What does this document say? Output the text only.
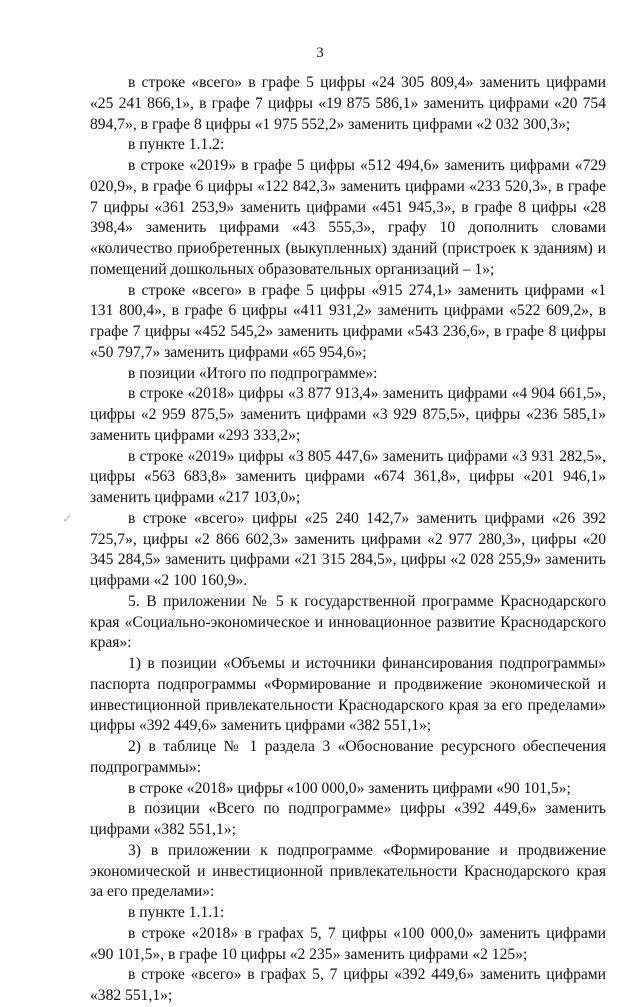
3
✓

в строке «всего» в графе 5 цифры «24 305 809,4» заменить цифрами «25 241 866,1», в графе 7 цифры «19 875 586,1» заменить цифрами «20 754 894,7», в графе 8 цифры «1 975 552,2» заменить цифрами «2 032 300,3»;

в пункте 1.1.2:

в строке «2019» в графе 5 цифры «512 494,6» заменить цифрами «729 020,9», в графе 6 цифры «122 842,3» заменить цифрами «233 520,3», в графе 7 цифры «361 253,9» заменить цифрами «451 945,3», в графе 8 цифры «28 398,4» заменить цифрами «43 555,3», графу 10 дополнить словами «количество приобретенных (выкупленных) зданий (пристроек к зданиям) и помещений дошкольных образовательных организаций – 1»;

в строке «всего» в графе 5 цифры «915 274,1» заменить цифрами «1 131 800,4», в графе 6 цифры «411 931,2» заменить цифрами «522 609,2», в графе 7 цифры «452 545,2» заменить цифрами «543 236,6», в графе 8 цифры «50 797,7» заменить цифрами «65 954,6»;

в позиции «Итого по подпрограмме»:

в строке «2018» цифры «3 877 913,4» заменить цифрами «4 904 661,5», цифры «2 959 875,5» заменить цифрами «3 929 875,5», цифры «236 585,1» заменить цифрами «293 333,2»;

в строке «2019» цифры «3 805 447,6» заменить цифрами «3 931 282,5», цифры «563 683,8» заменить цифрами «674 361,8», цифры «201 946,1» заменить цифрами «217 103,0»;

в строке «всего» цифры «25 240 142,7» заменить цифрами «26 392 725,7», цифры «2 866 602,3» заменить цифрами «2 977 280,3», цифры «20 345 284,5» заменить цифрами «21 315 284,5», цифры «2 028 255,9» заменить цифрами «2 100 160,9».

5. В приложении № 5 к государственной программе Краснодарского края «Социально-экономическое и инновационное развитие Краснодарского края»:

1) в позиции «Объемы и источники финансирования подпрограммы» паспорта подпрограммы «Формирование и продвижение экономической и инвестиционной привлекательности Краснодарского края за его пределами» цифры «392 449,6» заменить цифрами «382 551,1»;

2) в таблице № 1 раздела 3 «Обоснование ресурсного обеспечения подпрограммы»:

в строке «2018» цифры «100 000,0» заменить цифрами «90 101,5»;

в позиции «Всего по подпрограмме» цифры «392 449,6» заменить цифрами «382 551,1»;

3) в приложении к подпрограмме «Формирование и продвижение экономической и инвестиционной привлекательности Краснодарского края за его пределами»:

в пункте 1.1.1:

в строке «2018» в графах 5, 7 цифры «100 000,0» заменить цифрами «90 101,5», в графе 10 цифры «2 235» заменить цифрами «2 125»;

в строке «всего» в графах 5, 7 цифры «392 449,6» заменить цифрами «382 551,1»;
